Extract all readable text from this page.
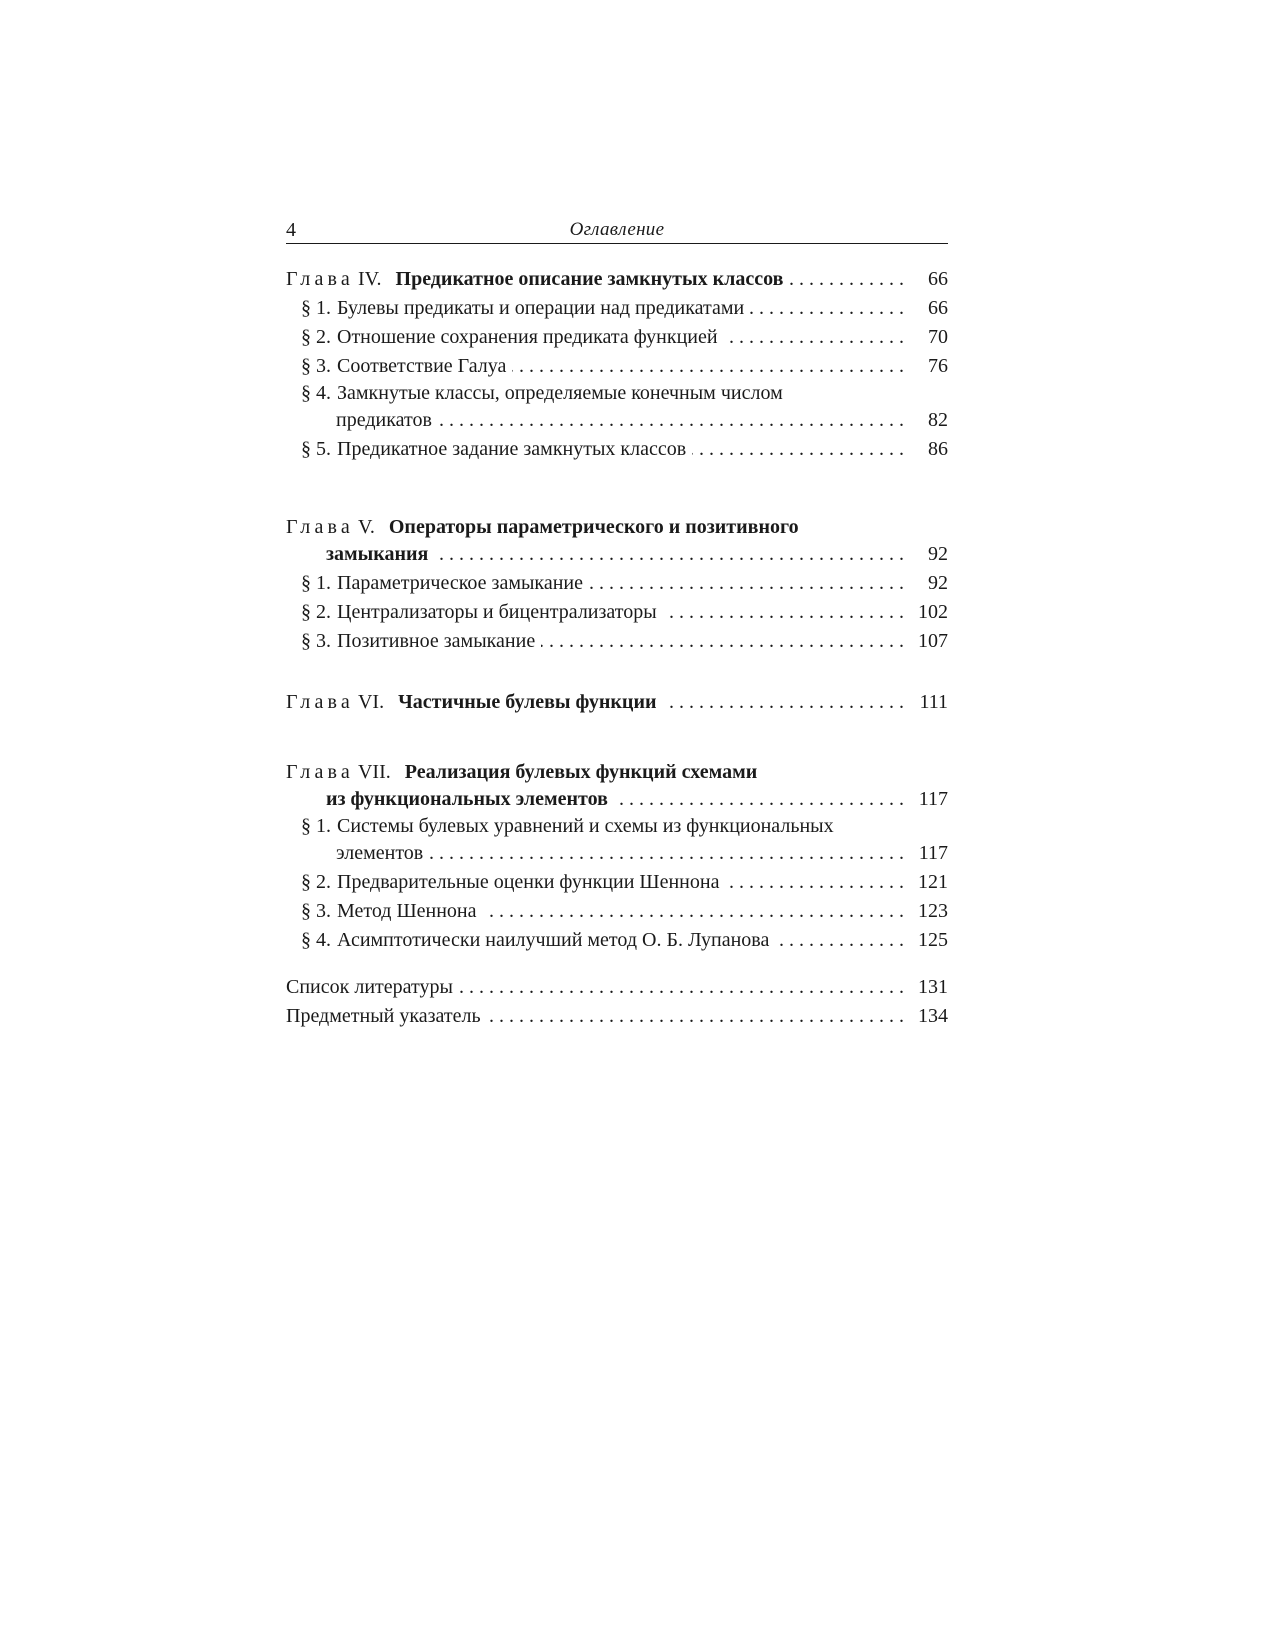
4	Оглавление
Глава IV. Предикатное описание замкнутых классов . . .	66
§ 1. Булевы предикаты и операции над предикатами . . .	66
§ 2. Отношение сохранения предиката функцией . . .	70
§ 3. Соответствие Галуа . . .	76
§ 4. Замкнутые классы, определяемые конечным числом
предикатов . . .	82
§ 5. Предикатное задание замкнутых классов . . .	86
Глава V. Операторы параметрического и позитивного
замыкания . . .	92
§ 1. Параметрическое замыкание . . .	92
§ 2. Централизаторы и бицентрализаторы . . .	102
§ 3. Позитивное замыкание . . .	107
Глава VI. Частичные булевы функции . . .	111
Глава VII. Реализация булевых функций схемами
из функциональных элементов . . .	117
§ 1. Системы булевых уравнений и схемы из функциональных
элементов . . .	117
§ 2. Предварительные оценки функции Шеннона . . .	121
§ 3. Метод Шеннона . . .	123
§ 4. Асимптотически наилучший метод О. Б. Лупанова . . .	125
Список литературы . . .	131
Предметный указатель . . .	134
